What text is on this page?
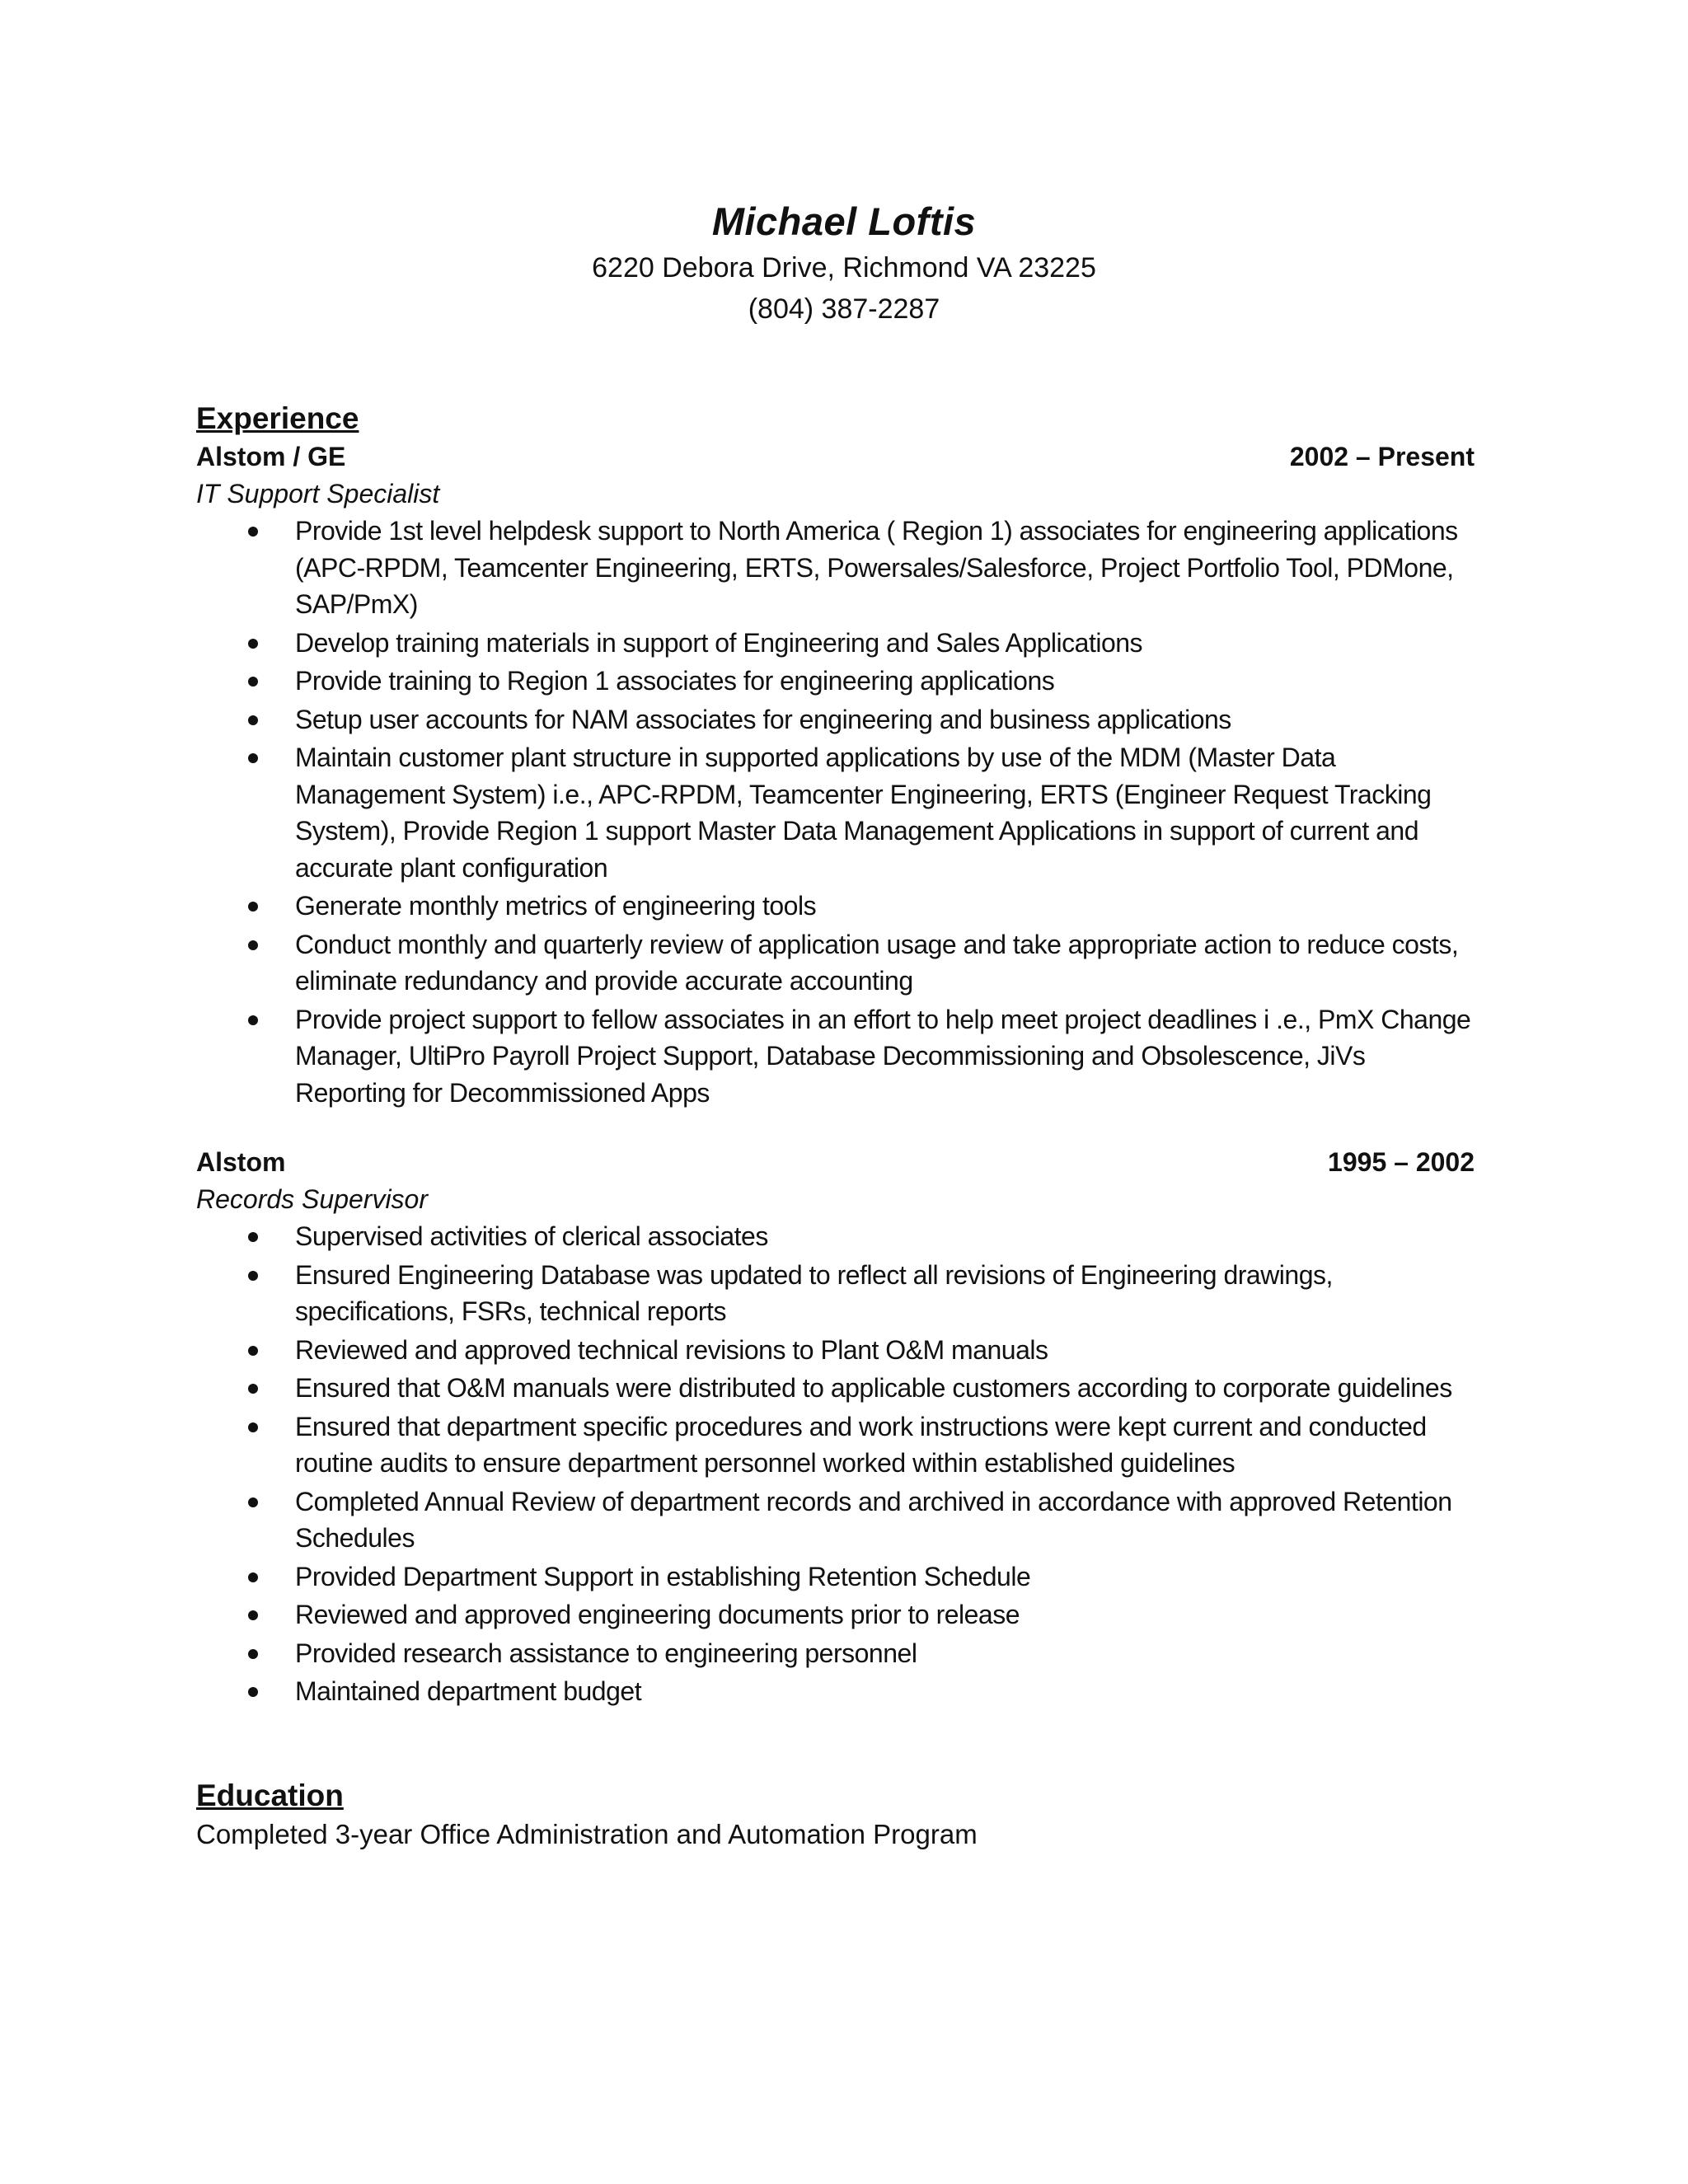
Michael Loftis
6220 Debora Drive, Richmond VA 23225
(804) 387-2287
Experience
Alstom / GE	2002 – Present
IT Support Specialist
Provide 1st level helpdesk support to North America ( Region 1) associates for engineering applications (APC-RPDM, Teamcenter Engineering, ERTS, Powersales/Salesforce, Project Portfolio Tool, PDMone, SAP/PmX)
Develop training materials in support of Engineering and Sales Applications
Provide training to Region 1 associates for engineering applications
Setup user accounts for NAM associates for engineering and business applications
Maintain customer plant structure in supported applications by use of the MDM (Master Data Management System) i.e., APC-RPDM, Teamcenter Engineering, ERTS (Engineer Request Tracking System), Provide Region 1 support Master Data Management Applications in support of current and accurate plant configuration
Generate monthly metrics of engineering tools
Conduct monthly and quarterly review of application usage and take appropriate action to reduce costs, eliminate redundancy and provide accurate accounting
Provide project support to fellow associates in an effort to help meet project deadlines i .e., PmX Change Manager, UltiPro Payroll Project Support, Database Decommissioning and Obsolescence, JiVs Reporting for Decommissioned Apps
Alstom	1995 – 2002
Records Supervisor
Supervised activities of clerical associates
Ensured Engineering Database was updated to reflect all revisions of Engineering drawings, specifications, FSRs, technical reports
Reviewed and approved technical revisions to Plant O&M manuals
Ensured that O&M manuals were distributed to applicable customers according to corporate guidelines
Ensured that department specific procedures and work instructions were kept current and conducted routine audits to ensure department personnel worked within established guidelines
Completed Annual Review of department records and archived in accordance with approved Retention Schedules
Provided Department Support in establishing Retention Schedule
Reviewed and approved engineering documents prior to release
Provided research assistance to engineering personnel
Maintained department budget
Education
Completed 3-year Office Administration and Automation Program
